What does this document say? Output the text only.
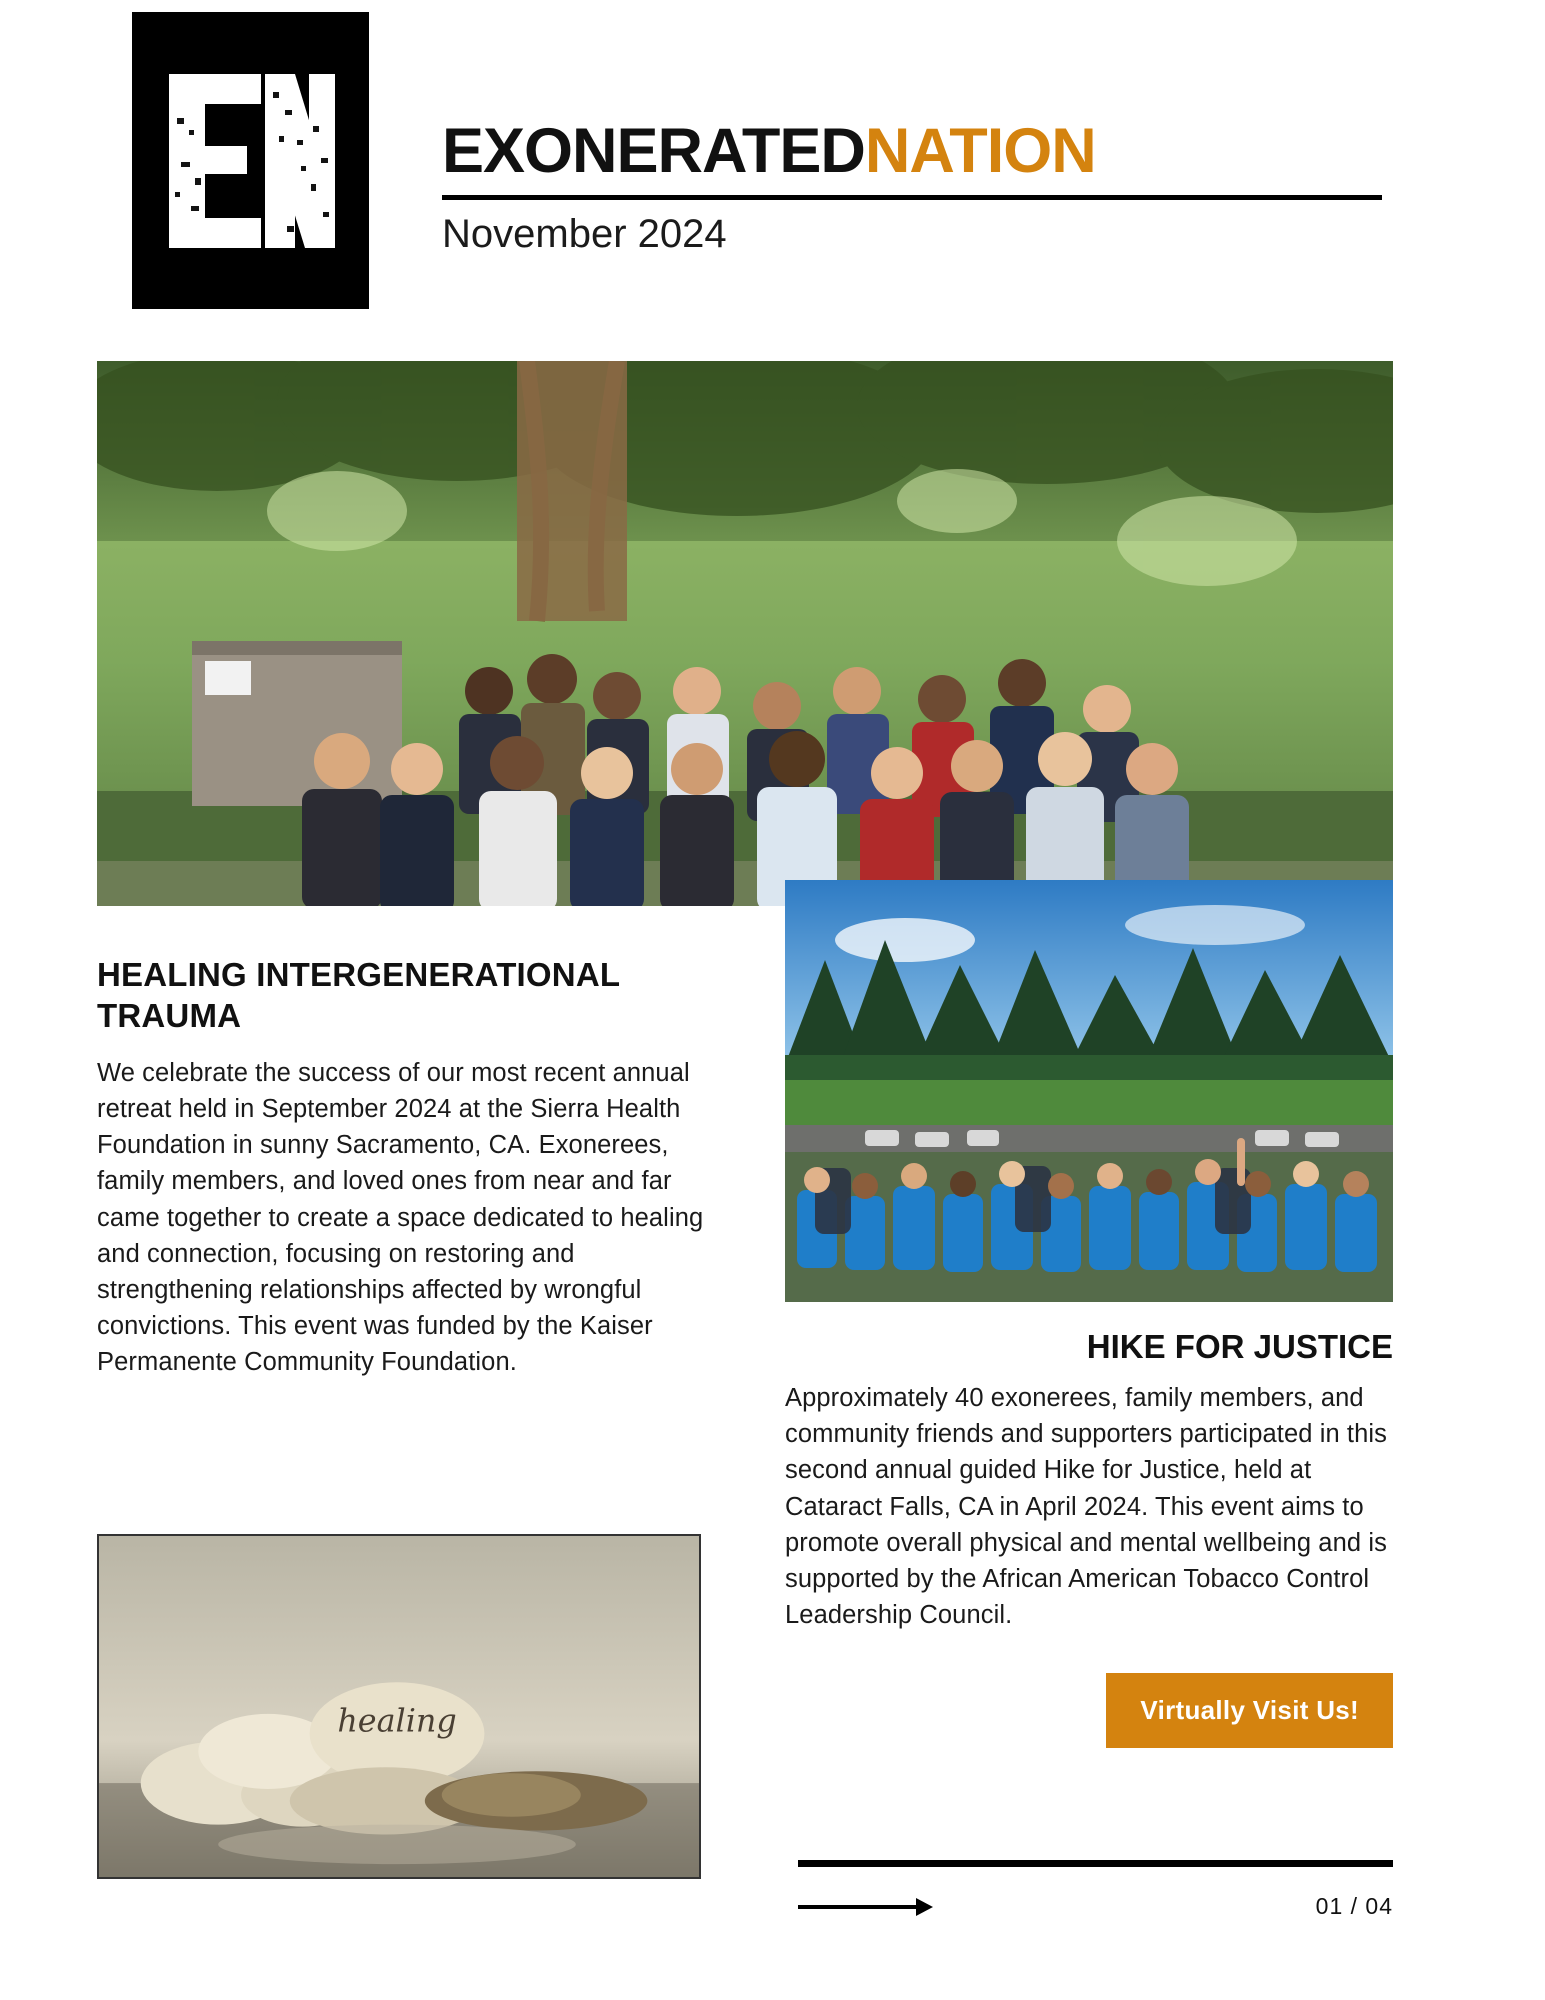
EXONERATEDNATION
November 2024
HEALING INTERGENERATIONAL TRAUMA

We celebrate the success of our most recent annual retreat held in September 2024 at the Sierra Health Foundation in sunny Sacramento, CA. Exonerees, family members, and loved ones from near and far came together to create a space dedicated to healing and connection, focusing on restoring and strengthening relationships affected by wrongful convictions. This event was funded by the Kaiser Permanente Community Foundation.

healing
HIKE FOR JUSTICE

Approximately 40 exonerees, family members, and community friends and supporters participated in this second annual guided Hike for Justice, held at Cataract Falls, CA in April 2024. This event aims to promote overall physical and mental wellbeing and is supported by the African American Tobacco Control Leadership Council.

Virtually Visit Us!
01 / 04
